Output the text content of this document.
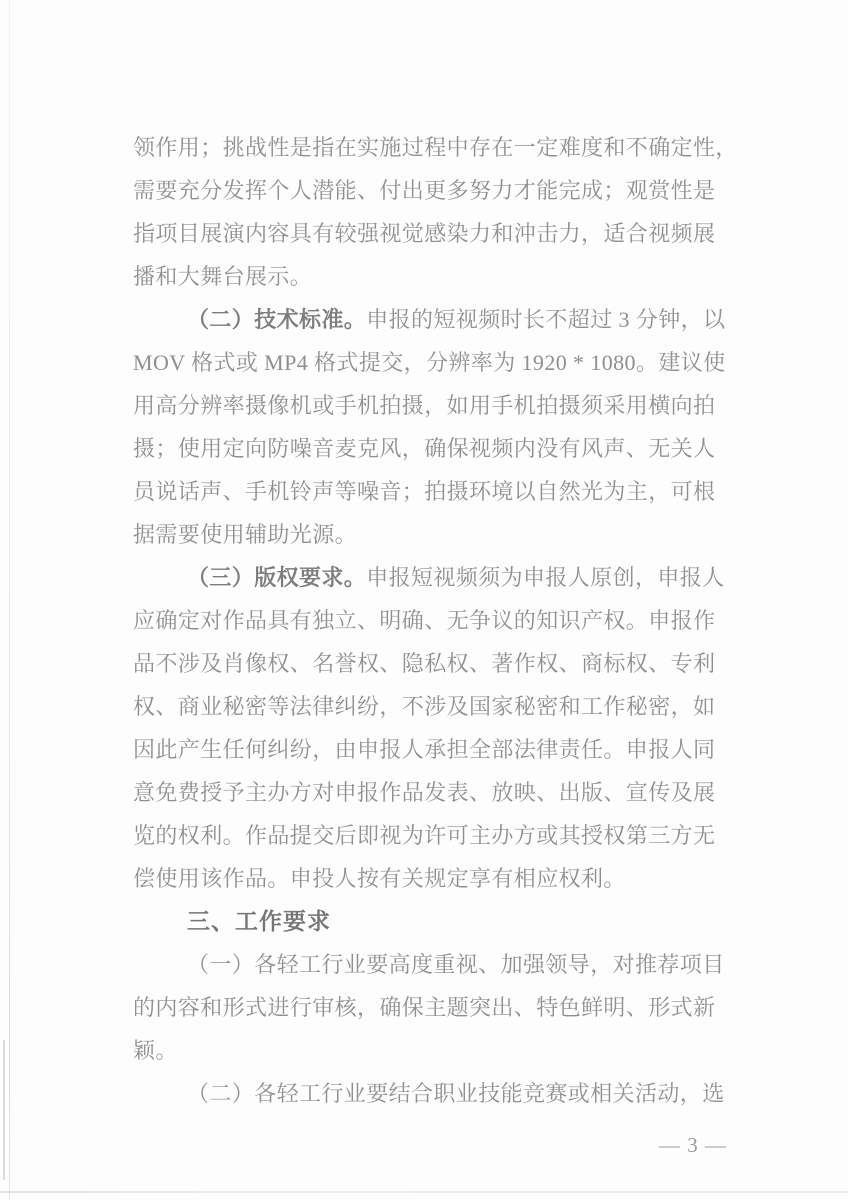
领作用；挑战性是指在实施过程中存在一定难度和不确定性，
需要充分发挥个人潜能、付出更多努力才能完成；观赏性是
指项目展演内容具有较强视觉感染力和沖击力，适合视频展
播和大舞台展示。
（二）技术标准。申报的短视频时长不超过 3 分钟，以
MOV 格式或 MP4 格式提交，分辨率为 1920 * 1080。建议使
用高分辨率摄像机或手机拍摄，如用手机拍摄须采用横向拍
摄；使用定向防噪音麦克风，确保视频内没有风声、无关人
员说话声、手机铃声等噪音；拍摄环境以自然光为主，可根
据需要使用辅助光源。
（三）版权要求。申报短视频须为申报人原创，申报人
应确定对作品具有独立、明确、无争议的知识产权。申报作
品不涉及肖像权、名誉权、隐私权、著作权、商标权、专利
权、商业秘密等法律纠纷，不涉及国家秘密和工作秘密，如
因此产生任何纠纷，由申报人承担全部法律责任。申报人同
意免费授予主办方对申报作品发表、放映、出版、宣传及展
览的权利。作品提交后即视为许可主办方或其授权第三方无
偿使用该作品。申投人按有关规定享有相应权利。
三、工作要求
（一）各轻工行业要高度重视、加强领导，对推荐项目
的内容和形式进行审核，确保主题突出、特色鲜明、形式新
颖。
（二）各轻工行业要结合职业技能竞赛或相关活动，选
— 3 —
